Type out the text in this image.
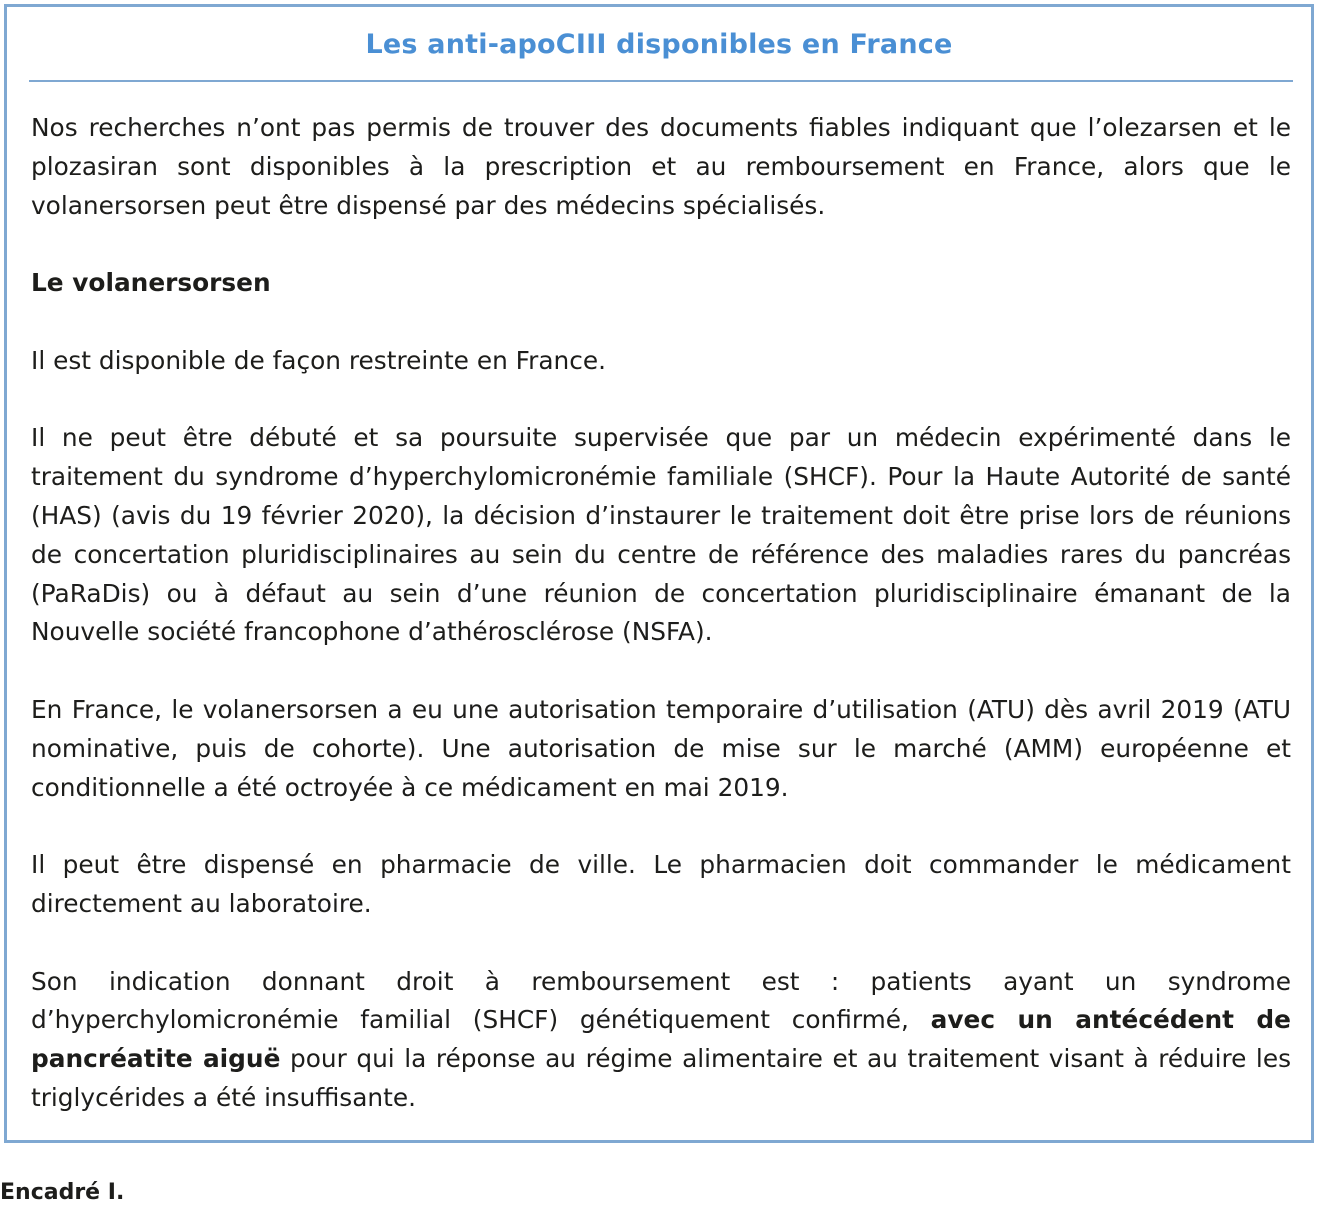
Les anti-apoCIII disponibles en France

Nos recherches n’ont pas permis de trouver des documents fiables indiquant que l’olezarsen et le plozasiran sont disponibles à la prescription et au remboursement en France, alors que le volanersorsen peut être dispensé par des médecins spécialisés.

Le volanersorsen

Il est disponible de façon restreinte en France.

Il ne peut être débuté et sa poursuite supervisée que par un médecin expérimenté dans le traitement du syndrome d’hyperchylomicronémie familiale (SHCF). Pour la Haute Autorité de santé (HAS) (avis du 19 février 2020), la décision d’instaurer le traitement doit être prise lors de réunions de concertation pluridisciplinaires au sein du centre de référence des maladies rares du pancréas (PaRaDis) ou à défaut au sein d’une réunion de concertation pluridisciplinaire émanant de la Nouvelle société francophone d’athérosclérose (NSFA).

En France, le volanersorsen a eu une autorisation temporaire d’utilisation (ATU) dès avril 2019 (ATU nominative, puis de cohorte). Une autorisation de mise sur le marché (AMM) européenne et conditionnelle a été octroyée à ce médicament en mai 2019.

Il peut être dispensé en pharmacie de ville. Le pharmacien doit commander le médicament directement au laboratoire.

Son indication donnant droit à remboursement est : patients ayant un syndrome d’hyperchylomicronémie familial (SHCF) génétiquement confirmé, avec un antécédent de pancréatite aiguë pour qui la réponse au régime alimentaire et au traitement visant à réduire les triglycérides a été insuffisante.

Encadré I.
